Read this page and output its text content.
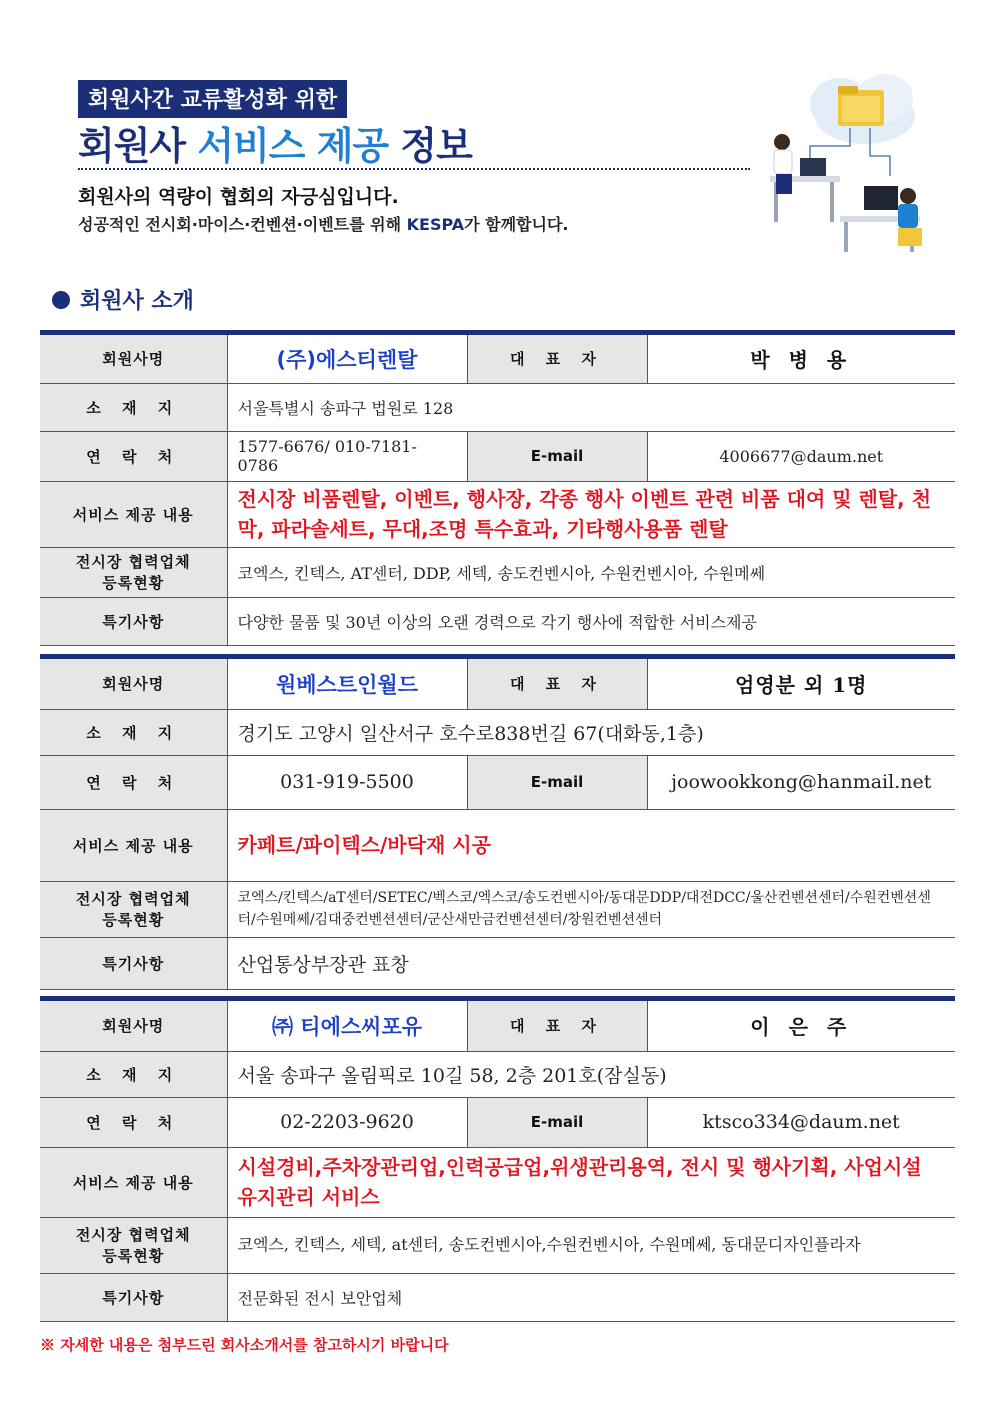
회원사간 교류활성화 위한
회원사 서비스 제공 정보
회원사의 역량이 협회의 자긍심입니다.
성공적인 전시회·마이스·컨벤션·이벤트를 위해 KESPA가 함께합니다.
회원사 소개
회원사명	(주)에스티렌탈	대 표 자	박 병 용
소 재 지	서울특별시 송파구 법원로 128		
연 락 처	1577-6676/ 010-7181-0786	E-mail	4006677@daum.net
서비스 제공 내용	전시장 비품렌탈, 이벤트, 행사장, 각종 행사 이벤트 관련 비품 대여 및 렌탈, 천막, 파라솔세트, 무대,조명 특수효과, 기타행사용품 렌탈		

전시장 협력업체
등록현황	코엑스, 킨텍스, AT센터, DDP, 세텍, 송도컨벤시아, 수원컨벤시아, 수원메쎄		
특기사항	다양한 물품 및 30년 이상의 오랜 경력으로 각기 행사에 적합한 서비스제공		
회원사명	원베스트인월드	대 표 자	엄영분 외 1명
소 재 지	경기도 고양시 일산서구 호수로838번길 67(대화동,1층)		
연 락 처	031-919-5500	E-mail	joowookkong@hanmail.net
서비스 제공 내용	카페트/파이텍스/바닥재 시공		

전시장 협력업체
등록현황	코엑스/킨텍스/aT센터/SETEC/벡스코/엑스코/송도컨벤시아/동대문DDP/대전DCC/울산컨벤션센터/수원컨벤션센터/수원메쎄/김대중컨벤션센터/군산새만금컨벤션센터/창원컨벤션센터		
특기사항	산업통상부장관 표창		
회원사명	㈜ 티에스씨포유	대 표 자	이 은 주
소 재 지	서울 송파구 올림픽로 10길 58, 2층 201호(잠실동)		
연 락 처	02-2203-9620	E-mail	ktsco334@daum.net
서비스 제공 내용	시설경비,주차장관리업,인력공급업,위생관리용역, 전시 및 행사기획, 사업시설 유지관리 서비스		

전시장 협력업체
등록현황	코엑스, 킨텍스, 세텍, at센터, 송도컨벤시아,수원컨벤시아, 수원메쎄, 동대문디자인플라자		
특기사항	전문화된 전시 보안업체		
※ 자세한 내용은 첨부드린 회사소개서를 참고하시기 바랍니다
